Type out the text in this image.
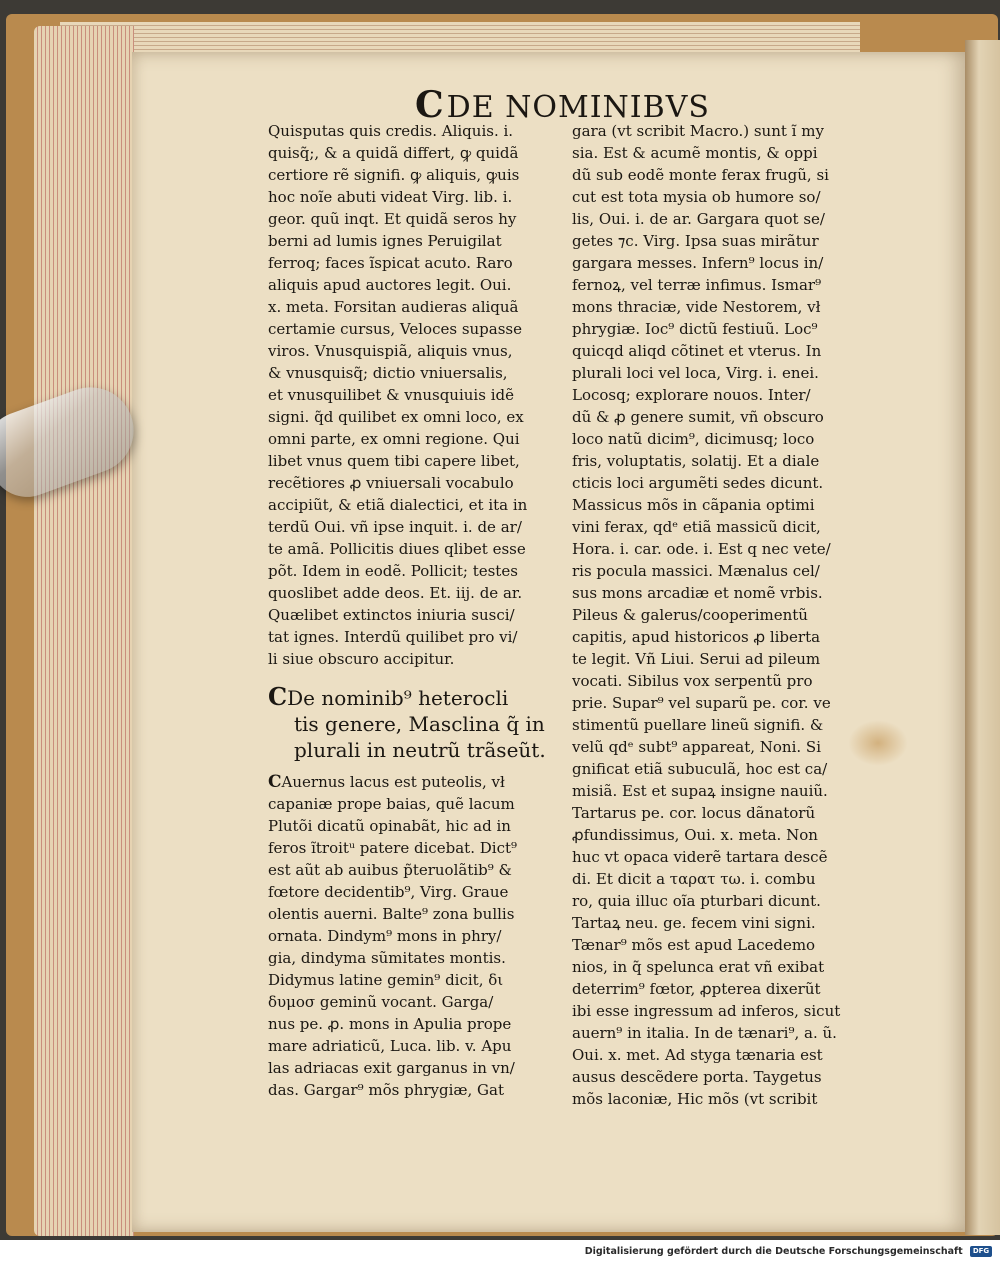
CDE NOMINIBVS
Quisputas quis credis. Aliquis. i.
quisq̃;, & a quidã differt, ꝙ quidã
certiore rẽ signifi. ꝙ aliquis, ꝙuis
hoc noĩe abuti videat Virg. lib. i.
geor. quũ inqt. Et quidã seros hy
berni ad lumis ignes Peruigilat
ferroq; faces ĩspicat acuto. Raro
aliquis apud auctores legit. Oui.
x. meta. Forsitan audieras aliquã
certamie cursus, Veloces supasse
viros. Vnusquispiã, aliquis vnus,
& vnusquisq̃; dictio vniuersalis,
et vnusquilibet & vnusquiuis idẽ
signi. q̃d quilibet ex omni loco, ex
omni parte, ex omni regione. Qui
libet vnus quem tibi capere libet,
recẽtiores ꝓ vniuersali vocabulo
accipiũt, & etiã dialectici, et ita in
terdũ Oui. vñ ipse inquit. i. de ar/
te amã. Pollicitis diues qlibet esse
põt. Idem in eodẽ. Pollicit; testes
quoslibet adde deos. Et. iij. de ar.
Quælibet extinctos iniuria susci/
tat ignes. Interdũ quilibet pro vi/
li siue obscuro accipitur.
CDe nominib⁹ heterocli
tis genere, Masclina q̃ in
plurali in neutrũ trãseũt.
CAuernus lacus est puteolis, vł
capaniæ prope baias, quẽ lacum
Plutõi dicatũ opinabãt, hic ad in
feros ĩtroitᵘ patere dicebat. Dict⁹
est aũt ab auibus p̃teruolãtib⁹ &
fœtore decidentib⁹, Virg. Graue
olentis auerni. Balte⁹ zona bullis
ornata. Dindym⁹ mons in phry/
gia, dindyma sũmitates montis.
Didymus latine gemin⁹ dicit, δι
δυμοσ geminũ vocant. Garga/
nus pe. ꝓ. mons in Apulia prope
mare adriaticũ, Luca. lib. v. Apu
las adriacas exit garganus in vn/
das. Gargar⁹ mõs phrygiæ, Gat
gara (vt scribit Macro.) sunt ĩ my
sia. Est & acumẽ montis, & oppi
dũ sub eodẽ monte ferax frugũ, si
cut est tota mysia ob humore so/
lis, Oui. i. de ar. Gargara quot se/
getes ⁊c. Virg. Ipsa suas mirãtur
gargara messes. Infern⁹ locus in/
fernoꝝ, vel terræ infimus. Ismar⁹
mons thraciæ, vide Nestorem, vł
phrygiæ. Ioc⁹ dictũ festiuũ. Loc⁹
quicqd aliqd cõtinet et vterus. In
plurali loci vel loca, Virg. i. enei.
Locosq; explorare nouos. Inter/
dũ & ꝓ genere sumit, vñ obscuro
loco natũ dicim⁹, dicimusq; loco
fris, voluptatis, solatij. Et a diale
cticis loci argumẽti sedes dicunt.
Massicus mõs in cãpania optimi
vini ferax, qdᵉ etiã massicũ dicit,
Hora. i. car. ode. i. Est q nec vete/
ris pocula massici. Mænalus cel/
sus mons arcadiæ et nomẽ vrbis.
Pileus & galerus/cooperimentũ
capitis, apud historicos ꝓ liberta
te legit. Vñ Liui. Serui ad pileum
vocati. Sibilus vox serpentũ pro
prie. Supar⁹ vel suparũ pe. cor. ve
stimentũ puellare lineũ signifi. &
velũ qdᵉ subt⁹ appareat, Noni. Si
gnificat etiã subuculã, hoc est ca/
misiã. Est et supaꝝ insigne nauiũ.
Tartarus pe. cor. locus dãnatorũ
ꝓfundissimus, Oui. x. meta. Non
huc vt opaca viderẽ tartara descẽ
di. Et dicit a ταρατ τω. i. combu
ro, quia illuc oĩa pturbari dicunt.
Tartaꝝ neu. ge. fecem vini signi.
Tænar⁹ mõs est apud Lacedemo
nios, in q̃ spelunca erat vñ exibat
deterrim⁹ fœtor, ꝓpterea dixerũt
ibi esse ingressum ad inferos, sicut
auern⁹ in italia. In de tænari⁹, a. ũ.
Oui. x. met. Ad styga tænaria est
ausus descẽdere porta. Taygetus
mõs laconiæ, Hic mõs (vt scribit
Digitalisierung gefördert durch die Deutsche Forschungsgemeinschaft DFG
